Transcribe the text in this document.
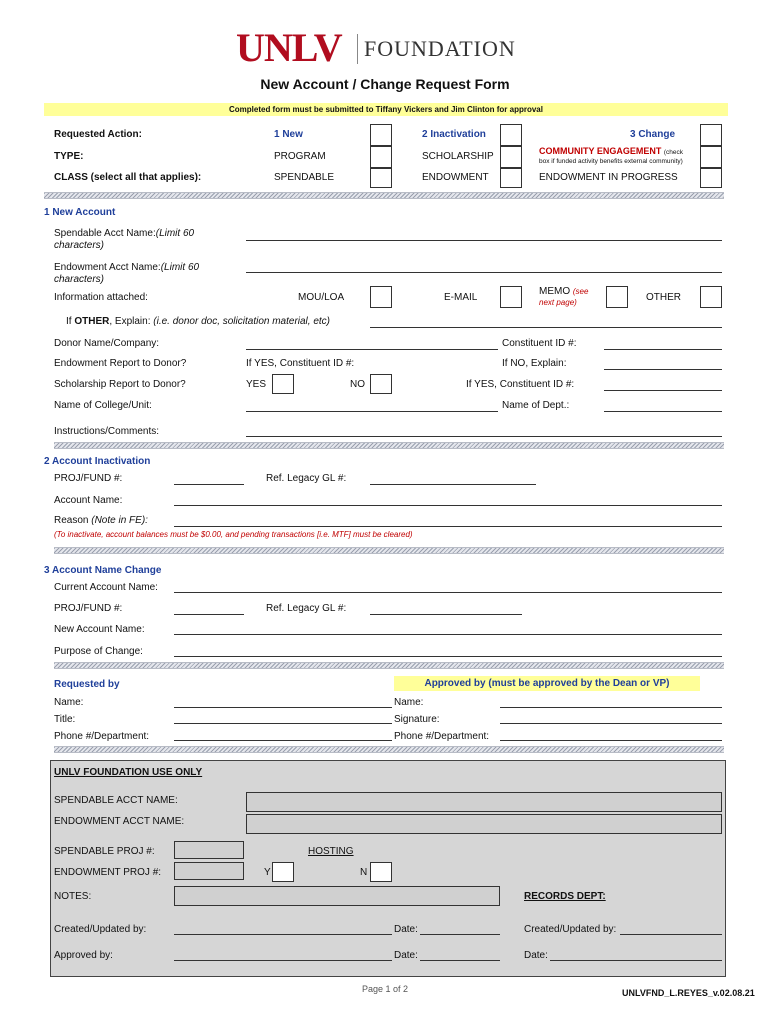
UNLV FOUNDATION
New Account / Change Request Form
Completed form must be submitted to Tiffany Vickers and Jim Clinton for approval
Requested Action:	1 New	2 Inactivation	3 Change
TYPE:	PROGRAM	SCHOLARSHIP	COMMUNITY ENGAGEMENT (check
box if funded activity benefits external community)
CLASS (select all that applies):	SPENDABLE	ENDOWMENT	ENDOWMENT IN PROGRESS
1 New Account
Spendable Acct Name:(Limit 60
characters)
Endowment Acct Name:(Limit 60
characters)
Information attached:	MOU/LOA	E-MAIL
MEMO (see
next page)	OTHER
If OTHER, Explain: (i.e. donor doc, solicitation material, etc)
Donor Name/Company:	Constituent ID #:
Endowment Report to Donor?	If YES, Constituent ID #:	If NO, Explain:
Scholarship Report to Donor?	YES	NO	If YES, Constituent ID #:
Name of College/Unit:	Name of Dept.:
Instructions/Comments:
2 Account Inactivation
PROJ/FUND #:	Ref. Legacy GL #:
Account Name:
Reason (Note in FE):
(To inactivate, account balances must be $0.00, and pending transactions [i.e. MTF] must be cleared)
3 Account Name Change
Current Account Name:
PROJ/FUND #:	Ref. Legacy GL #:
New Account Name:
Purpose of Change:
Requested by	Approved by (must be approved by the Dean or VP)
Name:	Name:
Title:	Signature:
Phone #/Department:	Phone #/Department:
UNLV FOUNDATION USE ONLY
SPENDABLE ACCT NAME:
ENDOWMENT ACCT NAME:
SPENDABLE PROJ #:	HOSTING
ENDOWMENT PROJ #:	Y	N
NOTES:	RECORDS DEPT:
Created/Updated by:	Date:	Created/Updated by:
Approved by:	Date:	Date:
Page 1 of 2	UNLVFND_L.REYES_v.02.08.21
